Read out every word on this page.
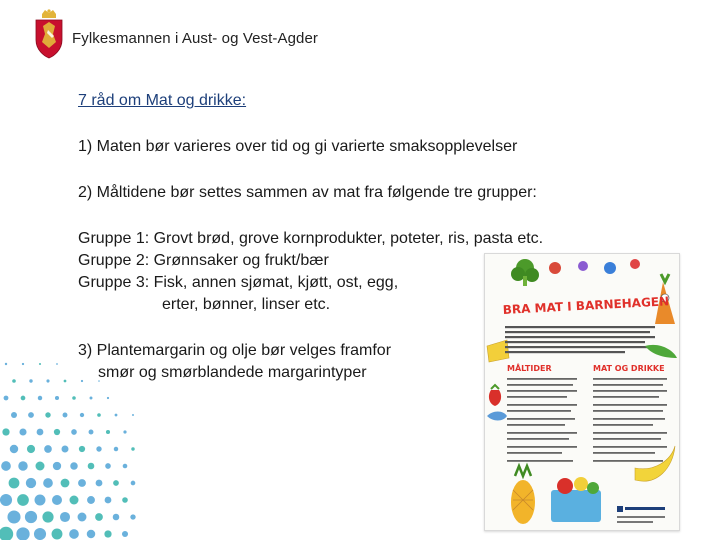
Fylkesmannen i Aust- og Vest-Agder
7 råd om Mat og drikke:
1) Maten bør varieres over tid og gi varierte smaksopplevelser
2) Måltidene bør settes sammen av mat fra følgende tre grupper:
Gruppe 1: Grovt brød, grove kornprodukter, poteter, ris, pasta etc.
Gruppe 2: Grønnsaker og frukt/bær
Gruppe 3: Fisk, annen sjømat, kjøtt, ost, egg,
erter, bønner, linser etc.
3) Plantemargarin og olje bør velges framfor
smør og smørblandede margarintyper
BRA MAT I BARNEHAGEN
MÅLTIDER	MAT OG DRIKKE
